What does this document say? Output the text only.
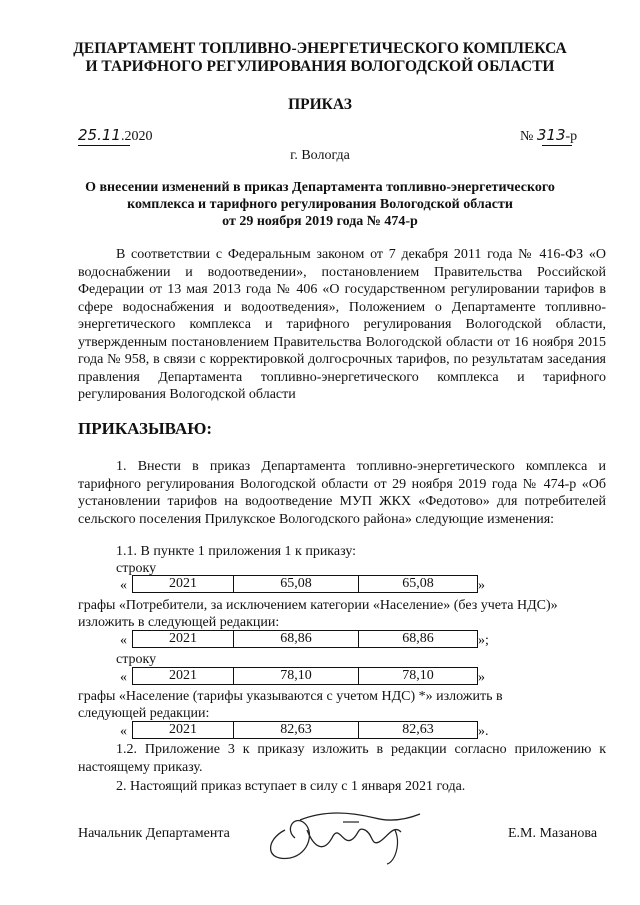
ДЕПАРТАМЕНТ ТОПЛИВНО-ЭНЕРГЕТИЧЕСКОГО КОМПЛЕКСА
И ТАРИФНОГО РЕГУЛИРОВАНИЯ ВОЛОГОДСКОЙ ОБЛАСТИ
ПРИКАЗ
25.11.2020	№ 313-р
г. Вологда
О внесении изменений в приказ Департамента топливно-энергетического
комплекса и тарифного регулирования Вологодской области
от 29 ноября 2019 года № 474-р

В соответствии с Федеральным законом от 7 декабря 2011 года № 416-ФЗ «О водоснабжении и водоотведении», постановлением Правительства Российской Федерации от 13 мая 2013 года № 406 «О государственном регулировании тарифов в сфере водоснабжения и водоотведения», Положением о Департаменте топливно-энергетического комплекса и тарифного регулирования Вологодской области, утвержденным постановлением Правительства Вологодской области от 16 ноября 2015 года № 958, в связи с корректировкой долгосрочных тарифов, по результатам заседания правления Департамента топливно-энергетического комплекса и тарифного регулирования Вологодской области

ПРИКАЗЫВАЮ:

1. Внести в приказ Департамента топливно-энергетического комплекса и тарифного регулирования Вологодской области от 29 ноября 2019 года № 474-р «Об установлении тарифов на водоотведение МУП ЖКХ «Федотово» для потребителей сельского поселения Прилукское Вологодского района» следующие изменения:

1.1. В пункте 1 приложения 1 к приказу:
строку
«	2021	65,08	65,08	»
графы «Потребители, за исключением категории «Население» (без учета НДС)»
изложить в следующей редакции:
«	2021	68,86	68,86	»;
строку
«	2021	78,10	78,10	»
графы «Население (тарифы указываются с учетом НДС) *» изложить в
следующей редакции:
«	2021	82,63	82,63	».

1.2. Приложение 3 к приказу изложить в редакции согласно приложению к настоящему приказу.

2. Настоящий приказ вступает в силу с 1 января 2021 года.
Начальник Департамента	Е.М. Мазанова
